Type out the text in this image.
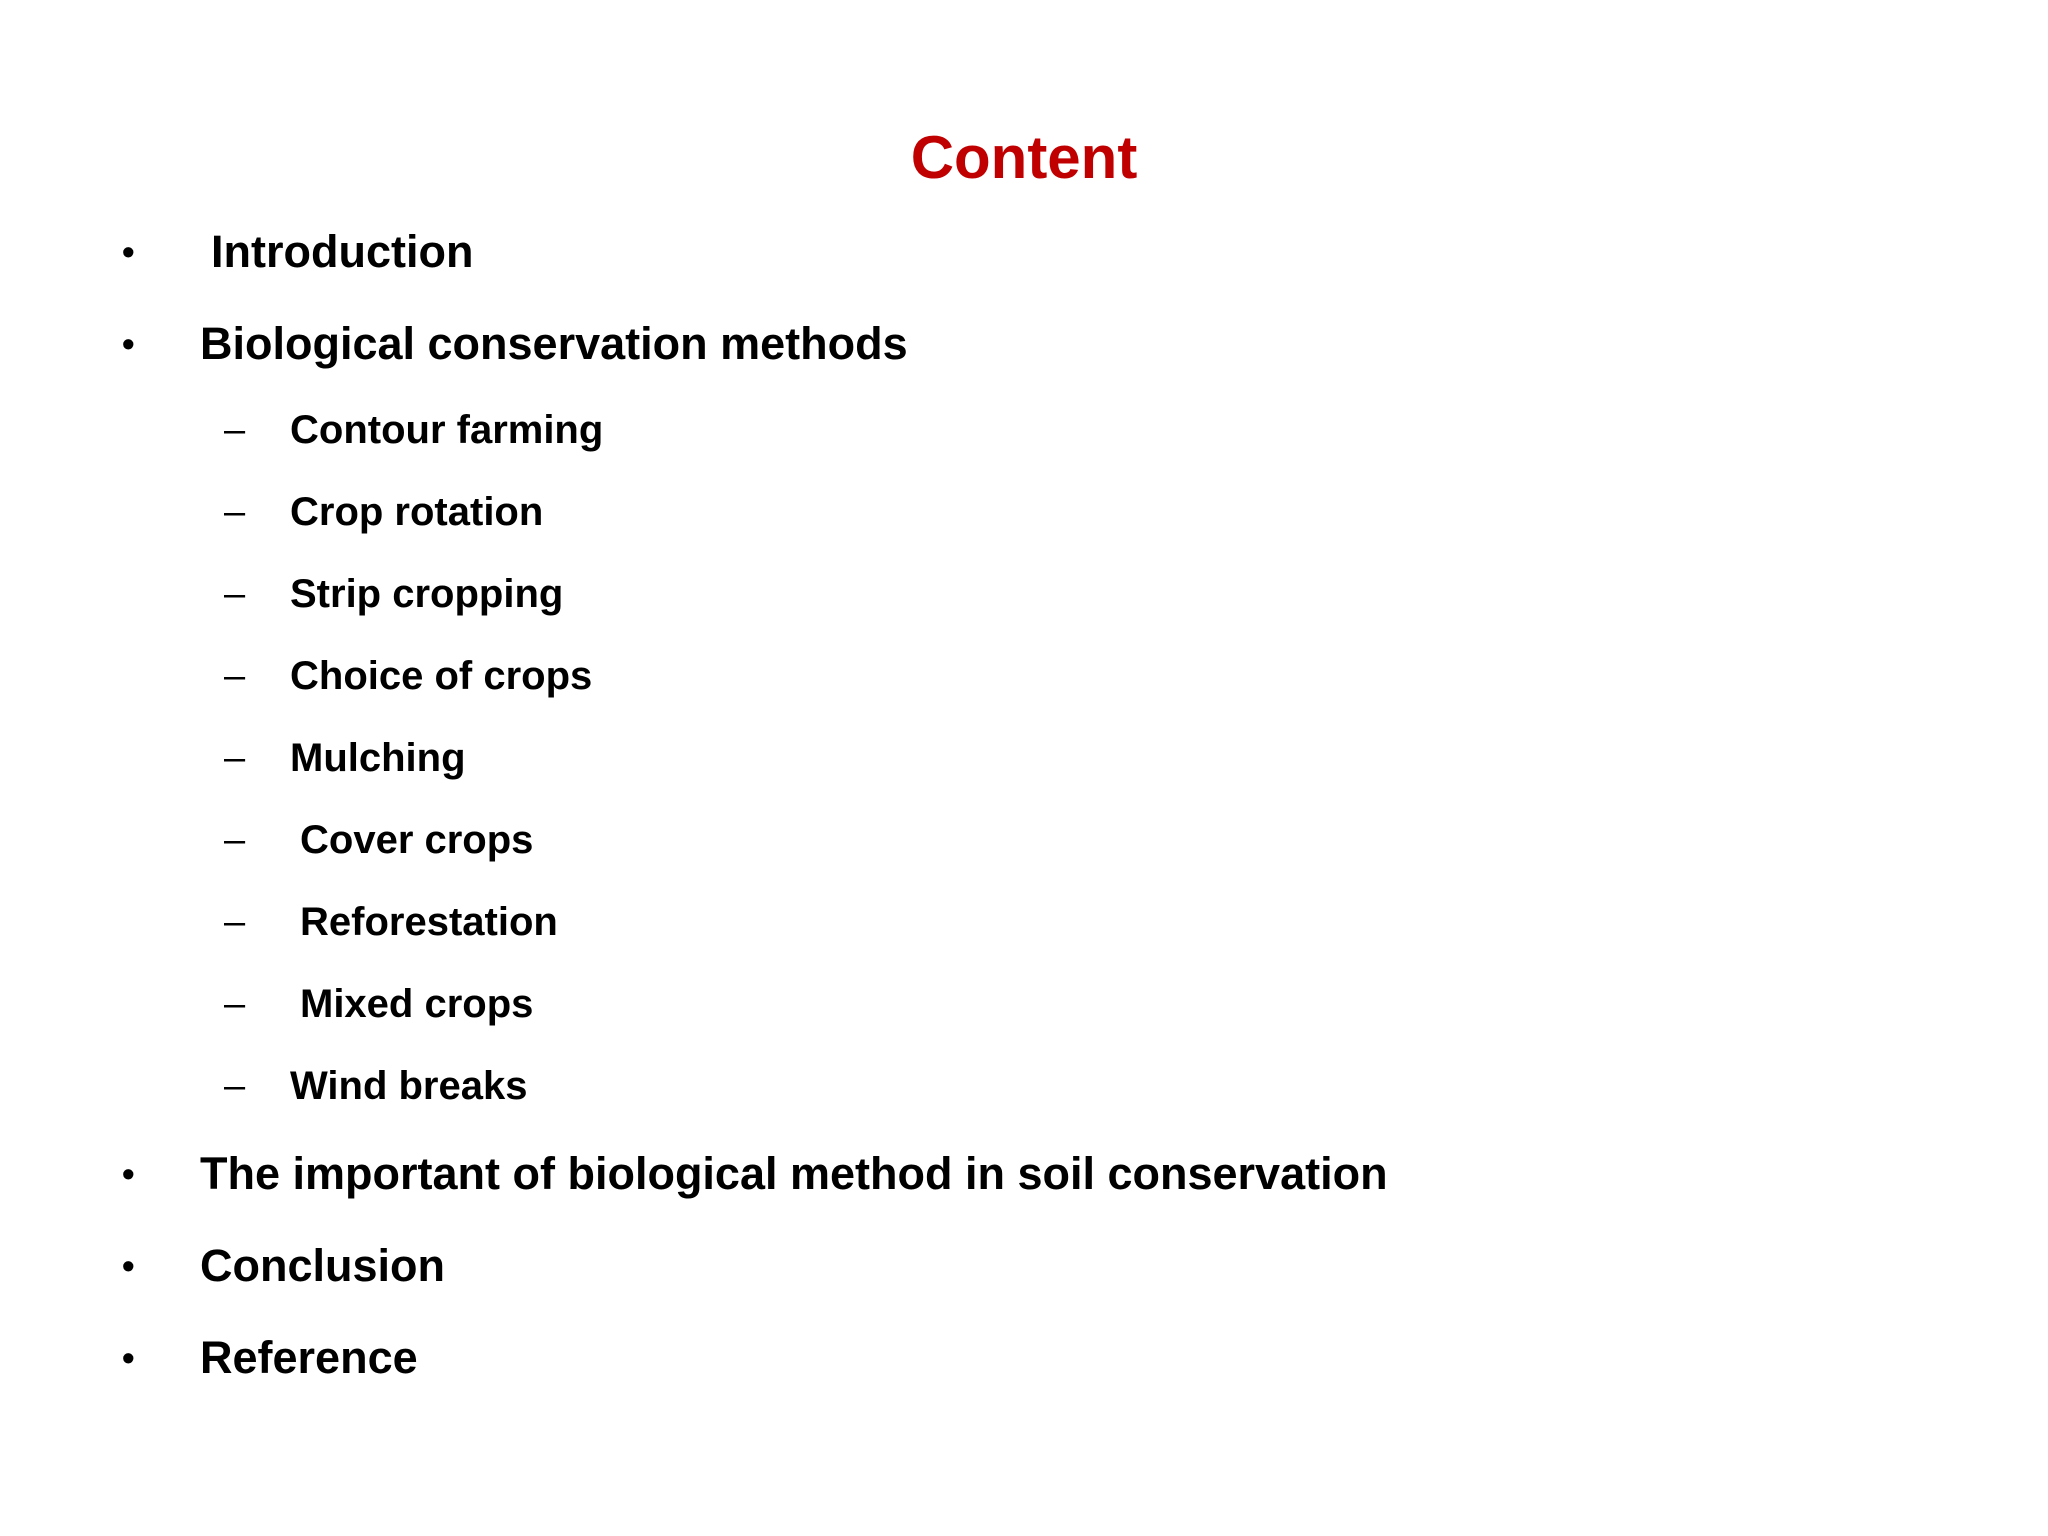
Content
• Introduction
• Biological conservation methods
– Contour farming
– Crop rotation
– Strip cropping
– Choice of crops
– Mulching
– Cover crops
– Reforestation
– Mixed crops
– Wind breaks
• The important of biological method in soil conservation
• Conclusion
• Reference
